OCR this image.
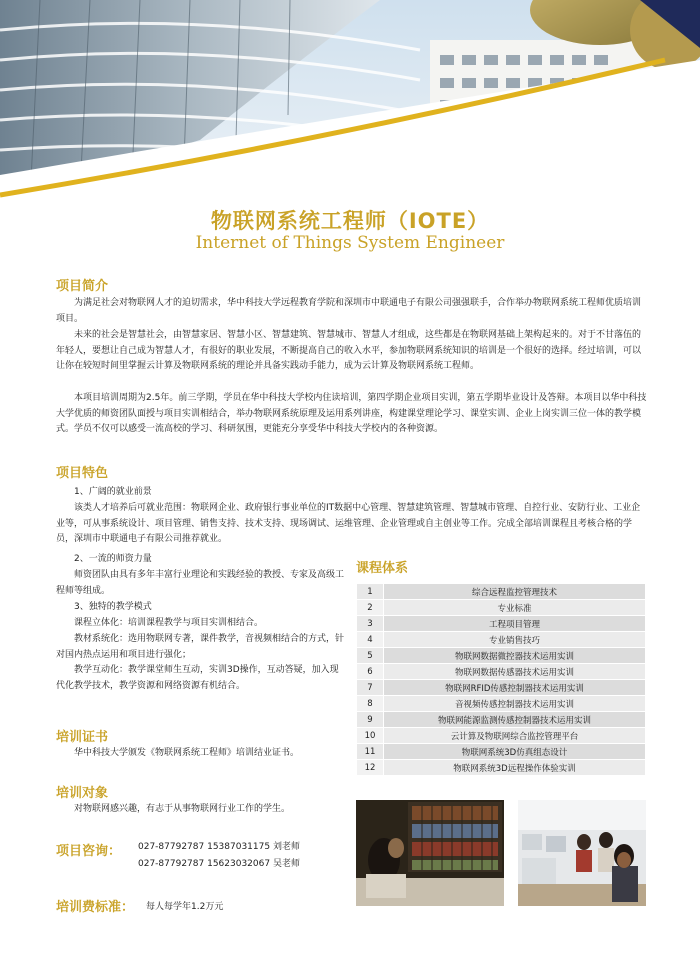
物联网系统工程师（IOTE）
Internet of Things System Engineer
项目简介

为满足社会对物联网人才的迫切需求，华中科技大学远程教育学院和深圳市中联通电子有限公司强强联手，合作举办物联网系统工程师优质培训项目。

未来的社会是智慧社会，由智慧家居、智慧小区、智慧建筑、智慧城市、智慧人才组成，这些都是在物联网基础上架构起来的。对于不甘落伍的年轻人，要想让自己成为智慧人才，有很好的职业发展，不断提高自己的收入水平，参加物联网系统知识的培训是一个很好的选择。经过培训，可以让你在较短时间里掌握云计算及物联网系统的理论并具备实践动手能力，成为云计算及物联网系统工程师。

本项目培训周期为2.5年。前三学期，学员在华中科技大学校内住读培训，第四学期企业项目实训，第五学期毕业设计及答辩。本项目以华中科技大学优质的师资团队面授与项目实训相结合，举办物联网系统原理及运用系列讲座，构建课堂理论学习、课堂实训、企业上岗实训三位一体的教学模式。学员不仅可以感受一流高校的学习、科研氛围，更能充分享受华中科技大学校内的各种资源。

项目特色

1、广阔的就业前景

该类人才培养后可就业范围：物联网企业、政府银行事业单位的IT数据中心管理、智慧建筑管理、智慧城市管理、自控行业、安防行业、工业企业等，可从事系统设计、项目管理、销售支持、技术支持、现场调试、运维管理、企业管理或自主创业等工作。完成全部培训课程且考核合格的学员，深圳市中联通电子有限公司推荐就业。

2、一流的师资力量

师资团队由具有多年丰富行业理论和实践经验的教授、专家及高级工程师等组成。

3、独特的教学模式

课程立体化：培训课程教学与项目实训相结合。

教材系统化：选用物联网专著，课件教学，音视频相结合的方式，针对国内热点运用和项目进行强化；

教学互动化：教学课堂师生互动，实训3D操作，互动答疑，加入现代化教学技术，教学资源和网络资源有机结合。

培训证书

华中科技大学颁发《物联网系统工程师》培训结业证书。

培训对象

对物联网感兴趣，有志于从事物联网行业工作的学生。

项目咨询： 027-87792787 15387031175 刘老师
027-87792787 15623032067 吴老师
培训费标准： 每人每学年1.2万元
课程体系
1	综合远程监控管理技术
2	专业标准
3	工程项目管理
4	专业销售技巧
5	物联网数据微控器技术运用实训
6	物联网数据传感器技术运用实训
7	物联网RFID传感控制器技术运用实训
8	音视频传感控制器技术运用实训
9	物联网能源监测传感控制器技术运用实训
10	云计算及物联网综合监控管理平台
11	物联网系统3D仿真组态设计
12	物联网系统3D远程操作体验实训
